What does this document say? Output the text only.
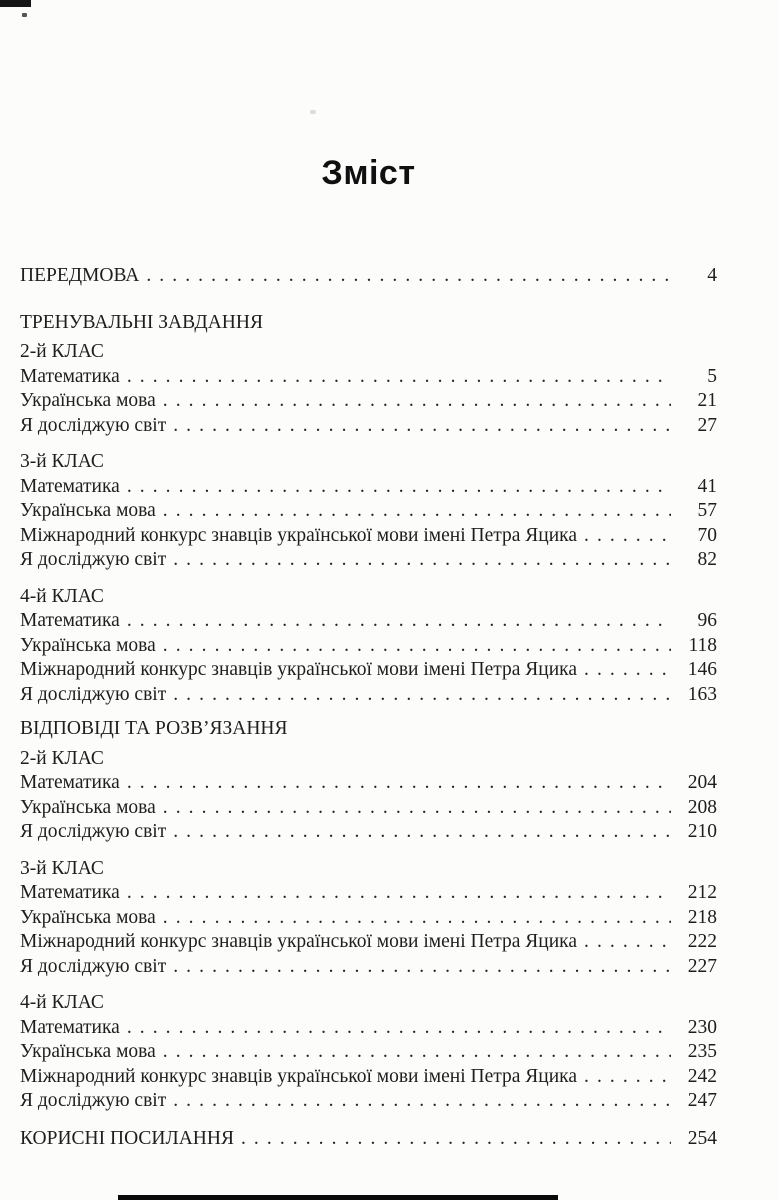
Зміст
ПЕРЕДМОВА . . .	4
ТРЕНУВАЛЬНІ ЗАВДАННЯ
2-й КЛАС
Математика . . .	5
Українська мова . . .	21
Я досліджую світ . . .	27
3-й КЛАС
Математика . . .	41
Українська мова . . .	57
Міжнародний конкурс знавців української мови імені Петра Яцика . . .	70
Я досліджую світ . . .	82
4-й КЛАС
Математика . . .	96
Українська мова . . .	118
Міжнародний конкурс знавців української мови імені Петра Яцика . . .	146
Я досліджую світ . . .	163
ВІДПОВІДІ ТА РОЗВ’ЯЗАННЯ
2-й КЛАС
Математика . . .	204
Українська мова . . .	208
Я досліджую світ . . .	210
3-й КЛАС
Математика . . .	212
Українська мова . . .	218
Міжнародний конкурс знавців української мови імені Петра Яцика . . .	222
Я досліджую світ . . .	227
4-й КЛАС
Математика . . .	230
Українська мова . . .	235
Міжнародний конкурс знавців української мови імені Петра Яцика . . .	242
Я досліджую світ . . .	247
КОРИСНІ ПОСИЛАННЯ . . .	254
